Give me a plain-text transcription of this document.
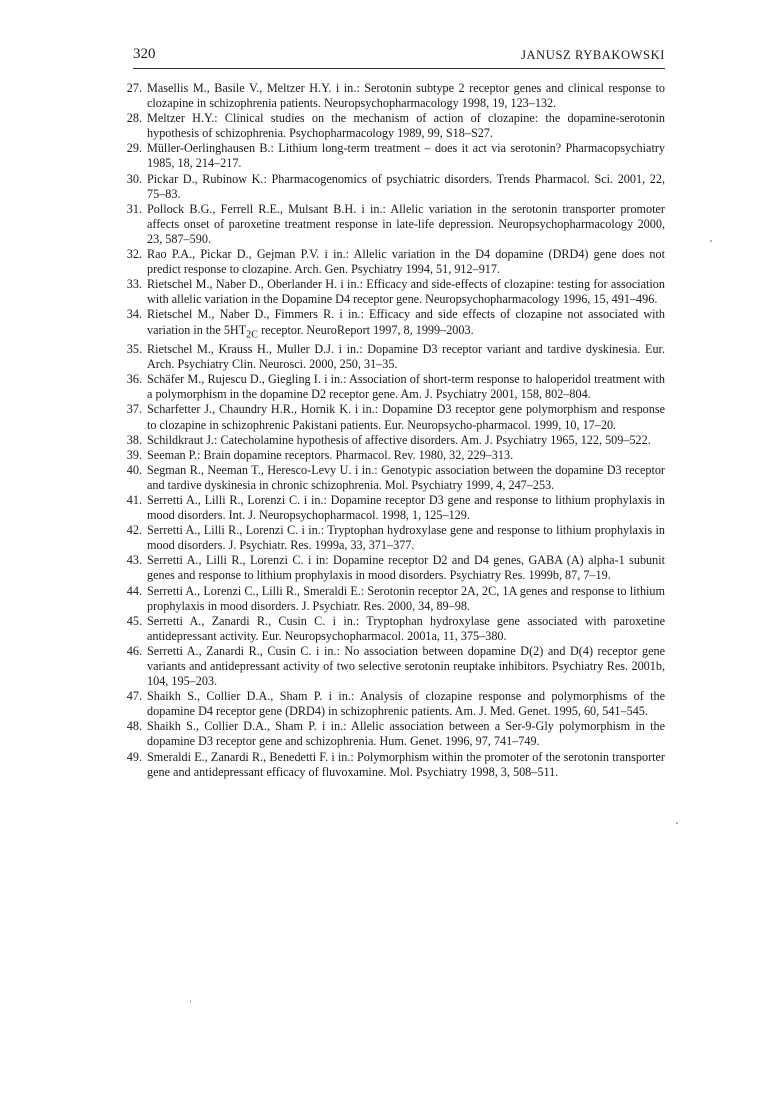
320	JANUSZ RYBAKOWSKI
27. Masellis M., Basile V., Meltzer H.Y. i in.: Serotonin subtype 2 receptor genes and clinical response to clozapine in schizophrenia patients. Neuropsychopharmacology 1998, 19, 123–132.
28. Meltzer H.Y.: Clinical studies on the mechanism of action of clozapine: the dopamine-serotonin hypothesis of schizophrenia. Psychopharmacology 1989, 99, S18–S27.
29. Müller-Oerlinghausen B.: Lithium long-term treatment – does it act via serotonin? Pharmacopsychiatry 1985, 18, 214–217.
30. Pickar D., Rubinow K.: Pharmacogenomics of psychiatric disorders. Trends Pharmacol. Sci. 2001, 22, 75–83.
31. Pollock B.G., Ferrell R.E., Mulsant B.H. i in.: Allelic variation in the serotonin transporter promoter affects onset of paroxetine treatment response in late-life depression. Neuropsychopharmacology 2000, 23, 587–590.
32. Rao P.A., Pickar D., Gejman P.V. i in.: Allelic variation in the D4 dopamine (DRD4) gene does not predict response to clozapine. Arch. Gen. Psychiatry 1994, 51, 912–917.
33. Rietschel M., Naber D., Oberlander H. i in.: Efficacy and side-effects of clozapine: testing for association with allelic variation in the Dopamine D4 receptor gene. Neuropsychopharmacology 1996, 15, 491–496.
34. Rietschel M., Naber D., Fimmers R. i in.: Efficacy and side effects of clozapine not associated with variation in the $5HT_{2C}$ receptor. NeuroReport 1997, 8, 1999–2003.
35. Rietschel M., Krauss H., Muller D.J. i in.: Dopamine D3 receptor variant and tardive dyskinesia. Eur. Arch. Psychiatry Clin. Neurosci. 2000, 250, 31–35.
36. Schäfer M., Rujescu D., Giegling I. i in.: Association of short-term response to haloperidol treatment with a polymorphism in the dopamine D2 receptor gene. Am. J. Psychiatry 2001, 158, 802–804.
37. Scharfetter J., Chaundry H.R., Hornik K. i in.: Dopamine D3 receptor gene polymorphism and response to clozapine in schizophrenic Pakistani patients. Eur. Neuropsycho-pharmacol. 1999, 10, 17–20.
38. Schildkraut J.: Catecholamine hypothesis of affective disorders. Am. J. Psychiatry 1965, 122, 509–522.
39. Seeman P.: Brain dopamine receptors. Pharmacol. Rev. 1980, 32, 229–313.
40. Segman R., Neeman T., Heresco-Levy U. i in.: Genotypic association between the dopamine D3 receptor and tardive dyskinesia in chronic schizophrenia. Mol. Psychiatry 1999, 4, 247–253.
41. Serretti A., Lilli R., Lorenzi C. i in.: Dopamine receptor D3 gene and response to lithium prophylaxis in mood disorders. Int. J. Neuropsychopharmacol. 1998, 1, 125–129.
42. Serretti A., Lilli R., Lorenzi C. i in.: Tryptophan hydroxylase gene and response to lithium prophylaxis in mood disorders. J. Psychiatr. Res. 1999a, 33, 371–377.
43. Serretti A., Lilli R., Lorenzi C. i in: Dopamine receptor D2 and D4 genes, GABA (A) alpha-1 subunit genes and response to lithium prophylaxis in mood disorders. Psychiatry Res. 1999b, 87, 7–19.
44. Serretti A., Lorenzi C., Lilli R., Smeraldi E.: Serotonin receptor 2A, 2C, 1A genes and response to lithium prophylaxis in mood disorders. J. Psychiatr. Res. 2000, 34, 89–98.
45. Serretti A., Zanardi R., Cusin C. i in.: Tryptophan hydroxylase gene associated with paroxetine antidepressant activity. Eur. Neuropsychopharmacol. 2001a, 11, 375–380.
46. Serretti A., Zanardi R., Cusin C. i in.: No association between dopamine D(2) and D(4) receptor gene variants and antidepressant activity of two selective serotonin reuptake inhibitors. Psychiatry Res. 2001b, 104, 195–203.
47. Shaikh S., Collier D.A., Sham P. i in.: Analysis of clozapine response and polymorphisms of the dopamine D4 receptor gene (DRD4) in schizophrenic patients. Am. J. Med. Genet. 1995, 60, 541–545.
48. Shaikh S., Collier D.A., Sham P. i in.: Allelic association between a Ser-9-Gly polymorphism in the dopamine D3 receptor gene and schizophrenia. Hum. Genet. 1996, 97, 741–749.
49. Smeraldi E., Zanardi R., Benedetti F. i in.: Polymorphism within the promoter of the serotonin transporter gene and antidepressant efficacy of fluvoxamine. Mol. Psychiatry 1998, 3, 508–511.
